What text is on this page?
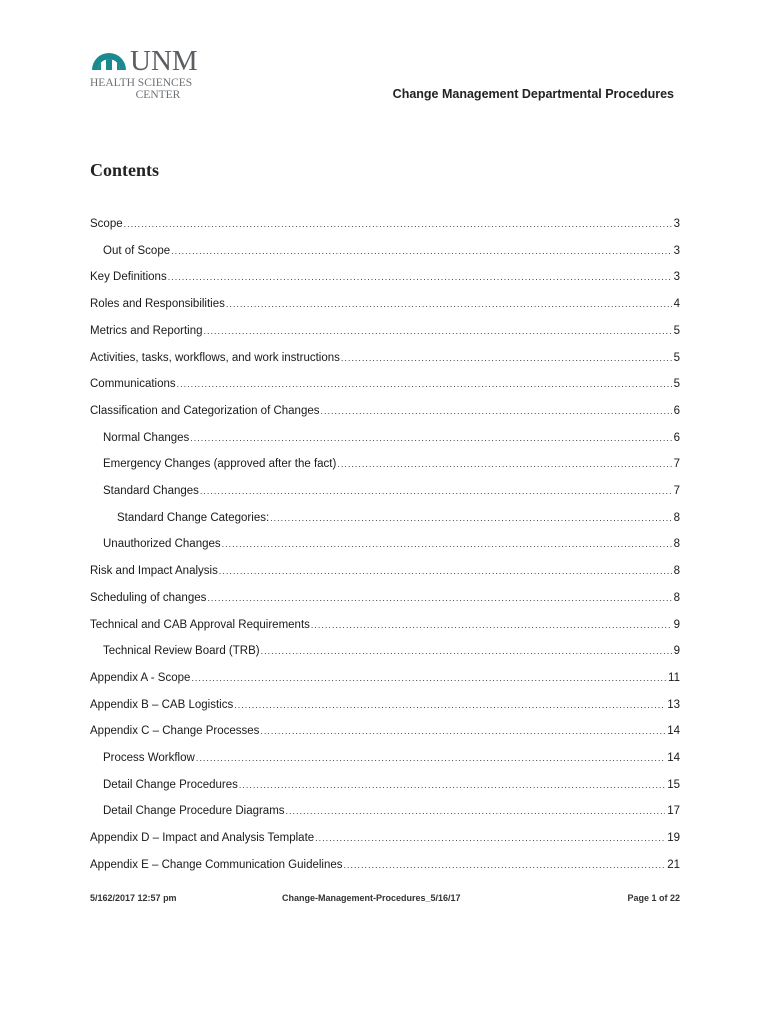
UNM
HEALTH SCIENCES
CENTER	Change Management Departmental Procedures
Contents
Scope .....	3
Out of Scope .....	3
Key Definitions .....	3
Roles and Responsibilities .....	4
Metrics and Reporting .....	5
Activities, tasks, workflows, and work instructions .....	5
Communications .....	5
Classification and Categorization of Changes .....	6
Normal Changes .....	6
Emergency Changes (approved after the fact) .....	7
Standard Changes .....	7
Standard Change Categories: .....	8
Unauthorized Changes .....	8
Risk and Impact Analysis .....	8
Scheduling of changes .....	8
Technical and CAB Approval Requirements .....	9
Technical Review Board (TRB) .....	9
Appendix A - Scope .....	11
Appendix B – CAB Logistics .....	13
Appendix C – Change Processes .....	14
Process Workflow .....	14
Detail Change Procedures .....	15
Detail Change Procedure Diagrams .....	17
Appendix D – Impact and Analysis Template .....	19
Appendix E – Change Communication Guidelines .....	21
5/162/2017 12:57 pm	Change-Management-Procedures_5/16/17	Page 1 of 22
